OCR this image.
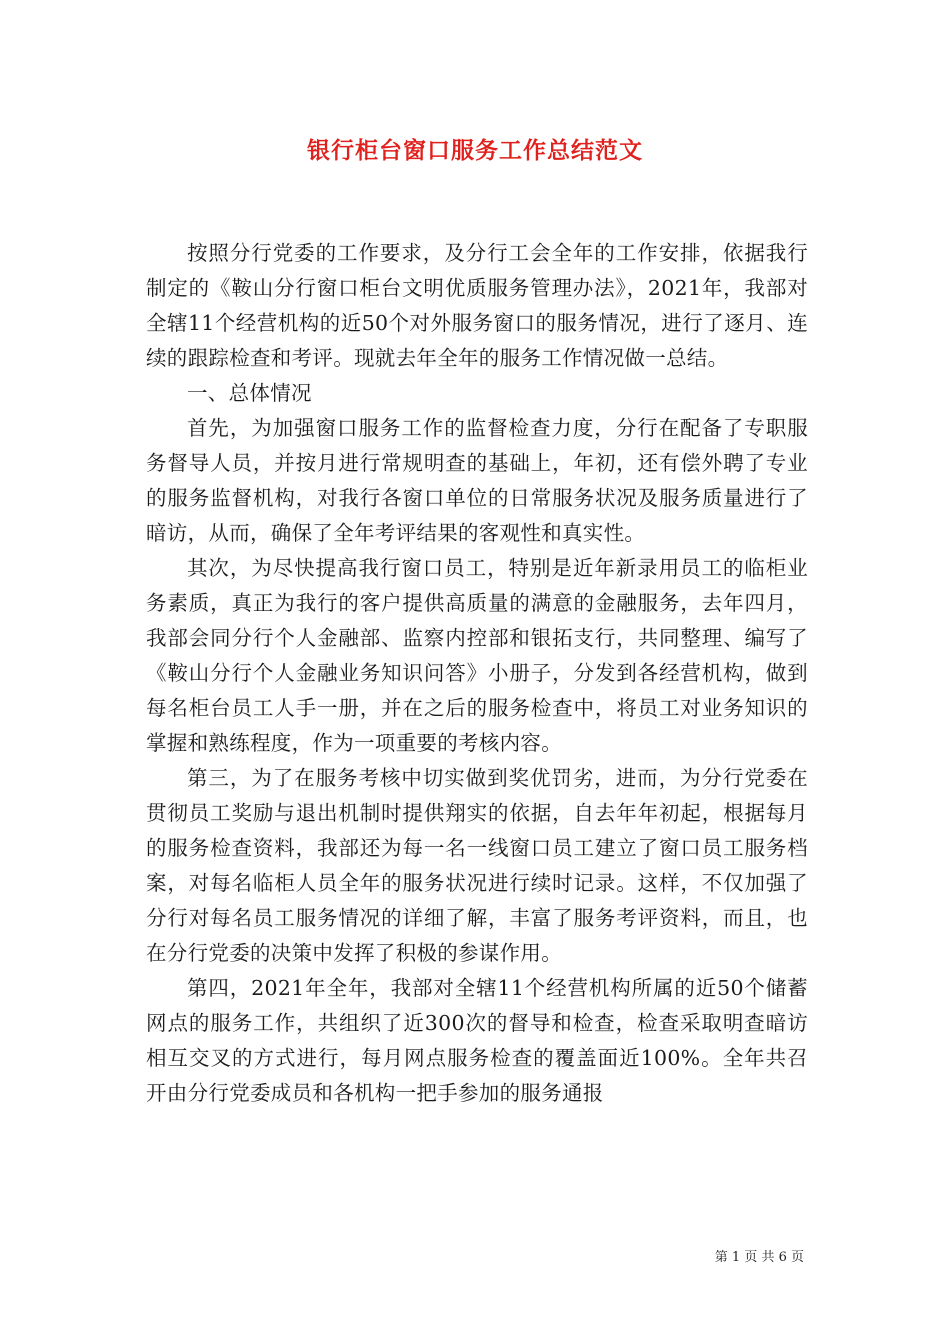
银行柜台窗口服务工作总结范文

按照分行党委的工作要求，及分行工会全年的工作安排，依据我行制定的《鞍山分行窗口柜台文明优质服务管理办法》，2021年，我部对全辖11个经营机构的近50个对外服务窗口的服务情况，进行了逐月、连续的跟踪检查和考评。现就去年全年的服务工作情况做一总结。

一、总体情况

首先，为加强窗口服务工作的监督检查力度，分行在配备了专职服务督导人员，并按月进行常规明查的基础上，年初，还有偿外聘了专业的服务监督机构，对我行各窗口单位的日常服务状况及服务质量进行了暗访，从而，确保了全年考评结果的客观性和真实性。

其次，为尽快提高我行窗口员工，特别是近年新录用员工的临柜业务素质，真正为我行的客户提供高质量的满意的金融服务，去年四月，我部会同分行个人金融部、监察内控部和银拓支行，共同整理、编写了《鞍山分行个人金融业务知识问答》小册子，分发到各经营机构，做到每名柜台员工人手一册，并在之后的服务检查中，将员工对业务知识的掌握和熟练程度，作为一项重要的考核内容。

第三，为了在服务考核中切实做到奖优罚劣，进而，为分行党委在贯彻员工奖励与退出机制时提供翔实的依据，自去年年初起，根据每月的服务检查资料，我部还为每一名一线窗口员工建立了窗口员工服务档案，对每名临柜人员全年的服务状况进行续时记录。这样，不仅加强了分行对每名员工服务情况的详细了解，丰富了服务考评资料，而且，也在分行党委的决策中发挥了积极的参谋作用。

第四，2021年全年，我部对全辖11个经营机构所属的近50个储蓄网点的服务工作，共组织了近300次的督导和检查，检查采取明查暗访相互交叉的方式进行，每月网点服务检查的覆盖面近100%。全年共召开由分行党委成员和各机构一把手参加的服务通报

第 1 页 共 6 页
